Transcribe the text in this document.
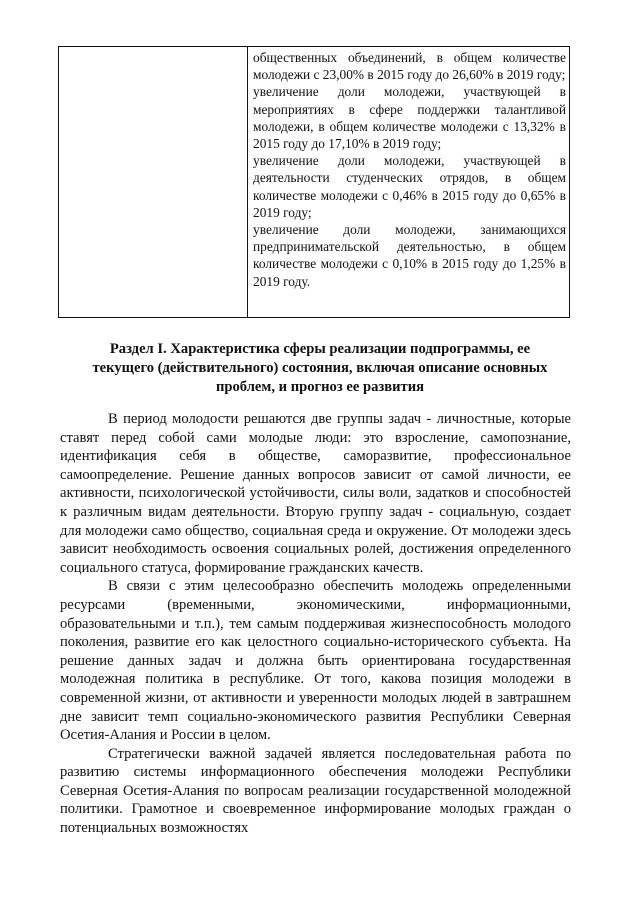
общественных объединений, в общем количестве молодежи с 23,00% в 2015 году до 26,60% в 2019 году;

увеличение доли молодежи, участвующей в мероприятиях в сфере поддержки талантливой молодежи, в общем количестве молодежи с 13,32% в 2015 году до 17,10% в 2019 году;

увеличение доли молодежи, участвующей в деятельности студенческих отрядов, в общем количестве молодежи с 0,46% в 2015 году до 0,65% в 2019 году;

увеличение доли молодежи, занимающихся предпринимательской деятельностью, в общем количестве молодежи с 0,10% в 2015 году до 1,25% в 2019 году.

Раздел I. Характеристика сферы реализации подпрограммы, ее
текущего (действительного) состояния, включая описание основных
проблем, и прогноз ее развития

В период молодости решаются две группы задач - личностные, которые ставят перед собой сами молодые люди: это взросление, самопознание, идентификация себя в обществе, саморазвитие, профессиональное самоопределение. Решение данных вопросов зависит от самой личности, ее активности, психологической устойчивости, силы воли, задатков и способностей к различным видам деятельности. Вторую группу задач - социальную, создает для молодежи само общество, социальная среда и окружение. От молодежи здесь зависит необходимость освоения социальных ролей, достижения определенного социального статуса, формирование гражданских качеств.

В связи с этим целесообразно обеспечить молодежь определенными ресурсами (временными, экономическими, информационными, образовательными и т.п.), тем самым поддерживая жизнеспособность молодого поколения, развитие его как целостного социально-исторического субъекта. На решение данных задач и должна быть ориентирована государственная молодежная политика в республике. От того, какова позиция молодежи в современной жизни, от активности и уверенности молодых людей в завтрашнем дне зависит темп социально-экономического развития Республики Северная Осетия-Алания и России в целом.

Стратегически важной задачей является последовательная работа по развитию системы информационного обеспечения молодежи Республики Северная Осетия-Алания по вопросам реализации государственной молодежной политики. Грамотное и своевременное информирование молодых граждан о потенциальных возможностях
